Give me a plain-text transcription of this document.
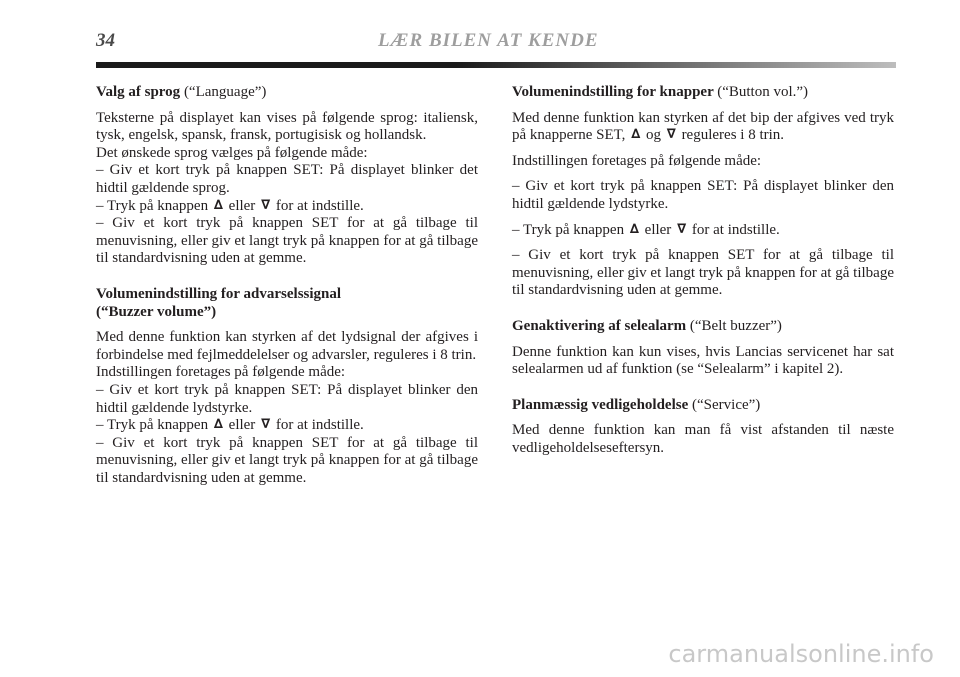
34	LÆR BILEN AT KENDE
Valg af sprog (“Language”)

Teksterne på displayet kan vises på følgende sprog: italiensk, tysk, engelsk, spansk, fransk, portugisisk og hollandsk.

Det ønskede sprog vælges på følgende måde:

– Giv et kort tryk på knappen SET: På displayet blinker det hidtil gældende sprog.

– Tryk på knappen ∆ eller ∇ for at indstille.

– Giv et kort tryk på knappen SET for at gå tilbage til menuvisning, eller giv et langt tryk på knappen for at gå tilbage til standardvisning uden at gemme.

Volumenindstilling for advarselssignal
(“Buzzer volume”)

Med denne funktion kan styrken af det lydsignal der afgives i forbindelse med fejlmeddelelser og advarsler, reguleres i 8 trin.

Indstillingen foretages på følgende måde:

– Giv et kort tryk på knappen SET: På displayet blinker den hidtil gældende lydstyrke.

– Tryk på knappen ∆ eller ∇ for at indstille.

– Giv et kort tryk på knappen SET for at gå tilbage til menuvisning, eller giv et langt tryk på knappen for at gå tilbage til standardvisning uden at gemme.

Volumenindstilling for knapper (“Button vol.”)

Med denne funktion kan styrken af det bip der afgives ved tryk på knapperne SET, ∆ og ∇ reguleres i 8 trin.

Indstillingen foretages på følgende måde:

– Giv et kort tryk på knappen SET: På displayet blinker den hidtil gældende lydstyrke.

– Tryk på knappen ∆ eller ∇ for at indstille.

– Giv et kort tryk på knappen SET for at gå tilbage til menuvisning, eller giv et langt tryk på knappen for at gå tilbage til standardvisning uden at gemme.

Genaktivering af selealarm (“Belt buzzer”)

Denne funktion kan kun vises, hvis Lancias servicenet har sat selealarmen ud af funktion (se “Selealarm” i kapitel 2).

Planmæssig vedligeholdelse (“Service”)

Med denne funktion kan man få vist afstanden til næste vedligeholdelseseftersyn.

carmanualsonline.info
